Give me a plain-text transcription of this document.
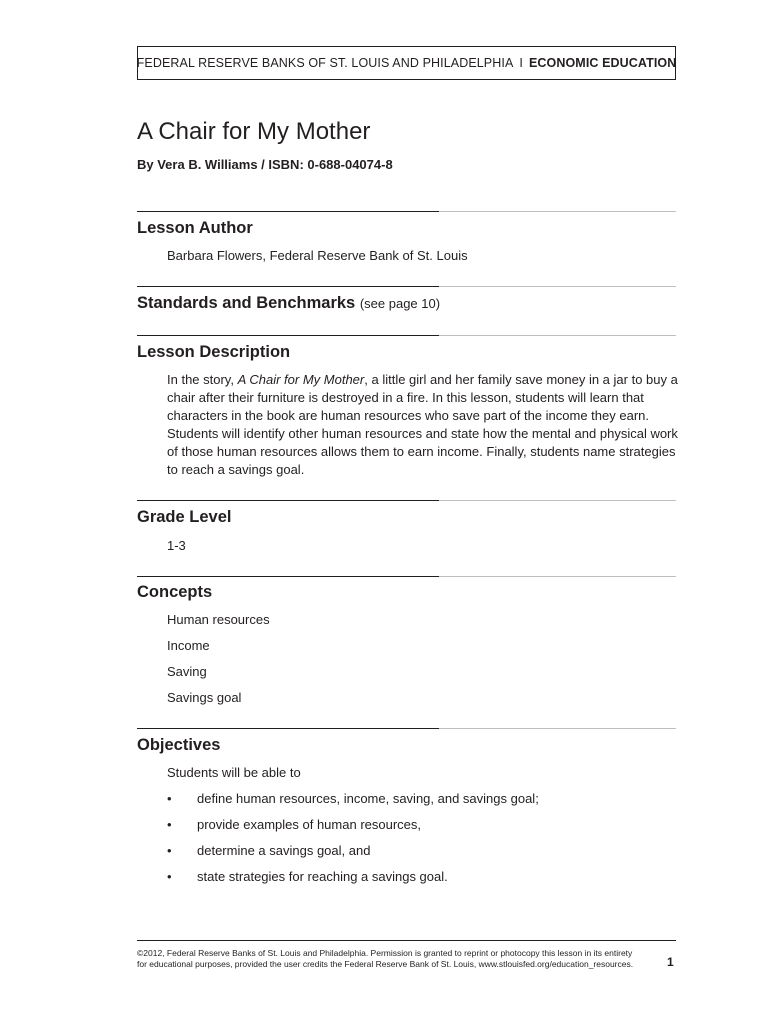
FEDERAL RESERVE BANKS OF ST. LOUIS AND PHILADELPHIA I ECONOMIC EDUCATION
A Chair for My Mother
By Vera B. Williams / ISBN: 0-688-04074-8
Lesson Author
Barbara Flowers, Federal Reserve Bank of St. Louis
Standards and Benchmarks (see page 10)
Lesson Description
In the story, A Chair for My Mother, a little girl and her family save money in a jar to buy a chair after their furniture is destroyed in a fire. In this lesson, students will learn that characters in the book are human resources who save part of the income they earn. Students will identify other human resources and state how the mental and physical work of those human resources allows them to earn income. Finally, students name strategies to reach a savings goal.
Grade Level
1-3
Concepts
Human resources
Income
Saving
Savings goal
Objectives
Students will be able to
• define human resources, income, saving, and savings goal;
• provide examples of human resources,
• determine a savings goal, and
• state strategies for reaching a savings goal.
©2012, Federal Reserve Banks of St. Louis and Philadelphia. Permission is granted to reprint or photocopy this lesson in its entirety
for educational purposes, provided the user credits the Federal Reserve Bank of St. Louis, www.stlouisfed.org/education_resources.	1
